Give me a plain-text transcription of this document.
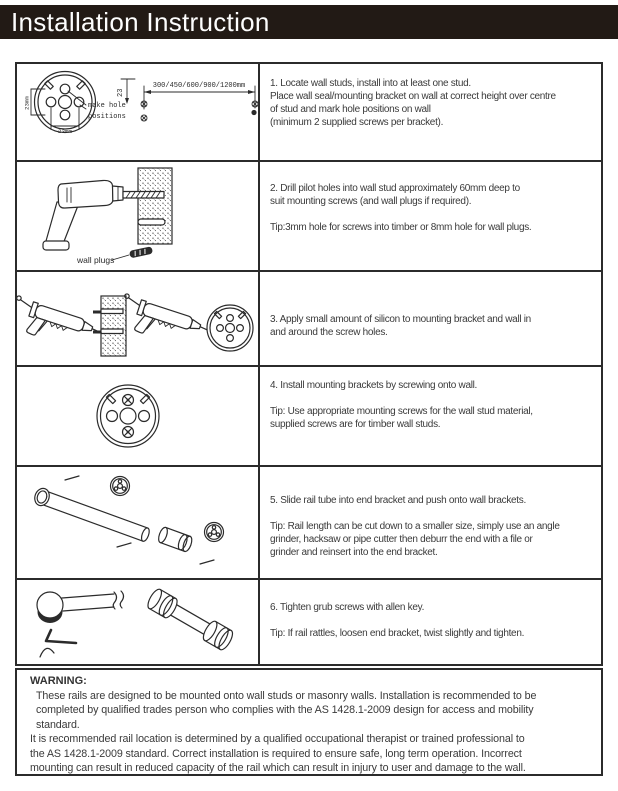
Installation Instruction
23mm
23mm
make hole
positions
23
300/450/600/900/1200mm 1. Locate wall studs, install into at least one stud.

Place wall seal/mounting bracket on wall at correct height over centre

of stud and mark hole positions on wall

(minimum 2 supplied screws per bracket).

wall plugs

2. Drill pilot holes into wall stud approximately 60mm deep to

suit mounting screws (and wall plugs if required).

Tip:3mm hole for screws into timber or 8mm hole for wall plugs.

3. Apply small amount of silicon to mounting bracket and wall in

and around the screw holes.

4. Install mounting brackets by screwing onto wall.

Tip: Use appropriate mounting screws for the wall stud material,

supplied screws are for timber wall studs.

5. Slide rail tube into end bracket and push onto wall brackets.

Tip: Rail length can be cut down to a smaller size, simply use an angle

grinder, hacksaw or pipe cutter then deburr the end with a file or

grinder and reinsert into the end bracket.

6. Tighten grub screws with allen key.

Tip: If rail rattles, loosen end bracket, twist slightly and tighten.

WARNING:

These rails are designed to be mounted onto wall studs or masonry walls. Installation is recommended to be

completed by qualified trades person who complies with the AS 1428.1-2009 design for access and mobility

standard.

It is recommended rail location is determined by a qualified occupational therapist or trained professional to

the AS 1428.1-2009 standard. Correct installation is required to ensure safe, long term operation. Incorrect

mounting can result in reduced capacity of the rail which can result in injury to user and damage to the wall.
